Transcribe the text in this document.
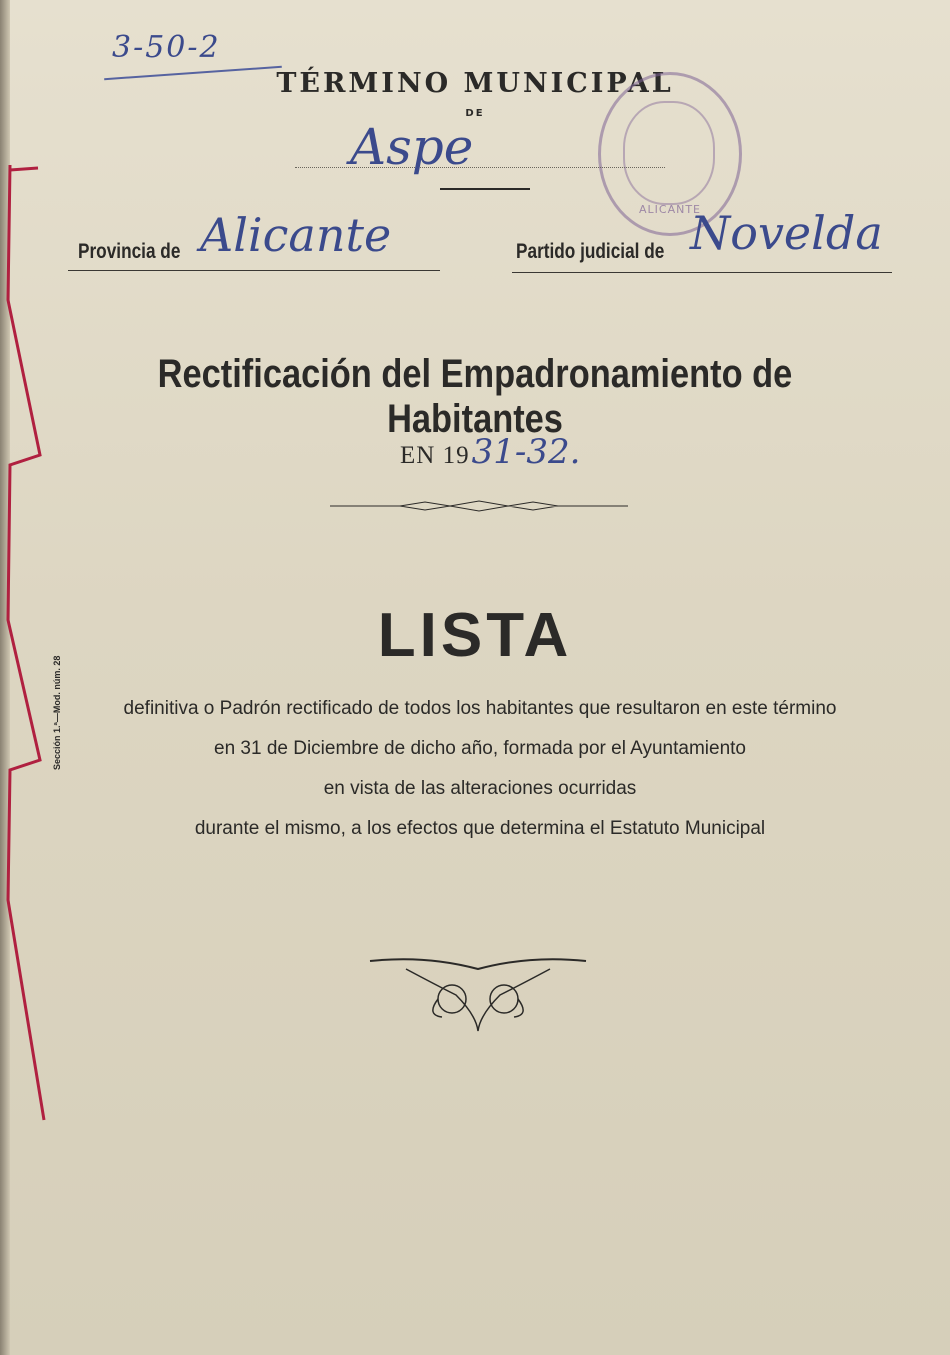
3-50-2
TÉRMINO MUNICIPAL
DE
ALICANTE
Aspe
Provincia de Alicante	Partido judicial de Novelda
Rectificación del Empadronamiento de Habitantes
EN 1931-32.
LISTA
definitiva o Padrón rectificado de todos los habitantes que resultaron en este término
en 31 de Diciembre de dicho año, formada por el Ayuntamiento
en vista de las alteraciones ocurridas
durante el mismo, a los efectos que determina el Estatuto Municipal
Sección 1.ª—Mod. núm. 28
